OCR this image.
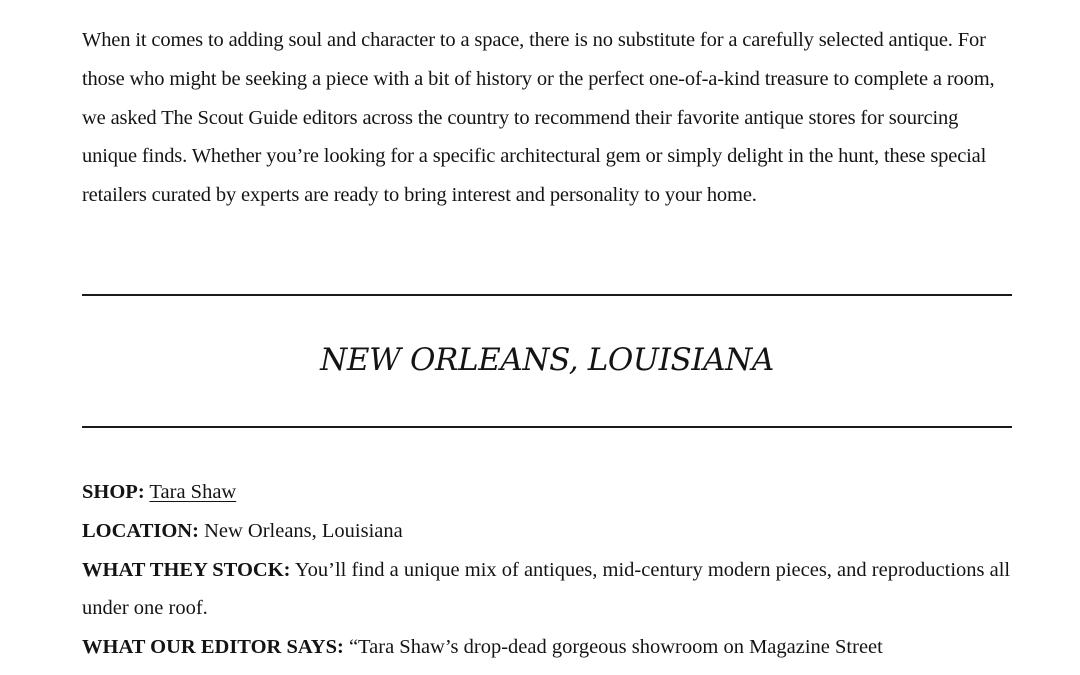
When it comes to adding soul and character to a space, there is no substitute for a carefully selected antique. For those who might be seeking a piece with a bit of history or the perfect one-of-a-kind treasure to complete a room, we asked The Scout Guide editors across the country to recommend their favorite antique stores for sourcing unique finds. Whether you’re looking for a specific architectural gem or simply delight in the hunt, these special retailers curated by experts are ready to bring interest and personality to your home.

NEW ORLEANS, LOUISIANA

SHOP: Tara Shaw

LOCATION: New Orleans, Louisiana

WHAT THEY STOCK: You’ll find a unique mix of antiques, mid-century modern pieces, and reproductions all under one roof.

WHAT OUR EDITOR SAYS: “Tara Shaw’s drop-dead gorgeous showroom on Magazine Street
